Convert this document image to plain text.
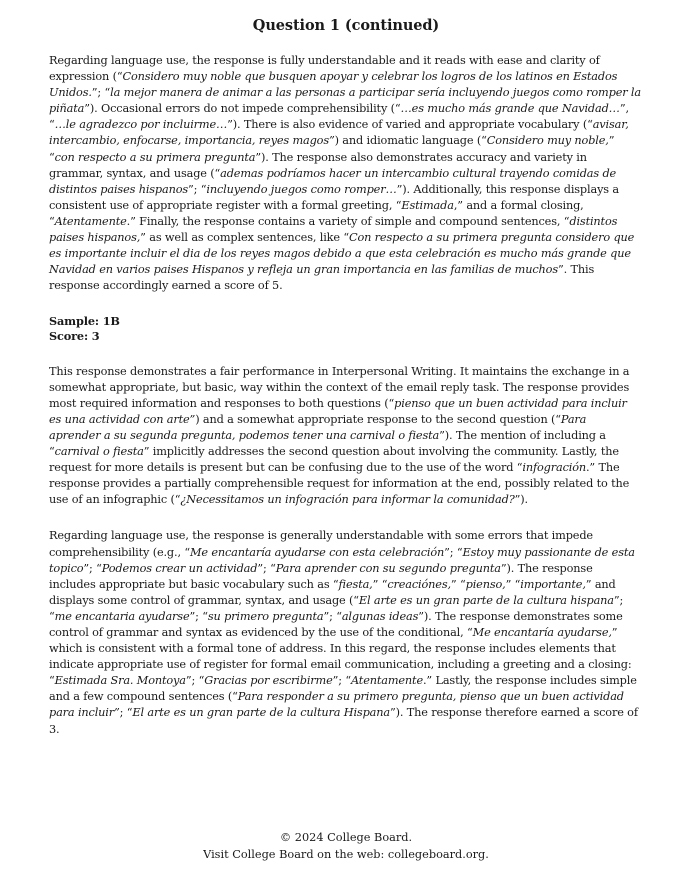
Question 1 (continued)

Regarding language use, the response is fully understandable and it reads with ease and clarity of expression (“Considero muy noble que busquen apoyar y celebrar los logros de los latinos en Estados Unidos.”; “la mejor manera de animar a las personas a participar sería incluyendo juegos como romper la piñata”). Occasional errors do not impede comprehensibility (“…es mucho más grande que Navidad…”, “…le agradezco por incluirme…”). There is also evidence of varied and appropriate vocabulary (“avisar, intercambio, enfocarse, importancia, reyes magos”) and idiomatic language (“Considero muy noble,” “con respecto a su primera pregunta”). The response also demonstrates accuracy and variety in grammar, syntax, and usage (“ademas podríamos hacer un intercambio cultural trayendo comidas de distintos paises hispanos”; “incluyendo juegos como romper…”). Additionally, this response displays a consistent use of appropriate register with a formal greeting, “Estimada,” and a formal closing, “Atentamente.” Finally, the response contains a variety of simple and compound sentences, “distintos paises hispanos,” as well as complex sentences, like “Con respecto a su primera pregunta considero que es importante incluir el dia de los reyes magos debido a que esta celebración es mucho más grande que Navidad en varios paises Hispanos y refleja un gran importancia en las familias de muchos”. This response accordingly earned a score of 5.

Sample: 1B
Score: 3

This response demonstrates a fair performance in Interpersonal Writing. It maintains the exchange in a somewhat appropriate, but basic, way within the context of the email reply task. The response provides most required information and responses to both questions (“pienso que un buen actividad para incluir es una actividad con arte”) and a somewhat appropriate response to the second question (“Para aprender a su segunda pregunta, podemos tener una carnival o fiesta”). The mention of including a “carnival o fiesta” implicitly addresses the second question about involving the community. Lastly, the request for more details is present but can be confusing due to the use of the word “infogración.” The response provides a partially comprehensible request for information at the end, possibly related to the use of an infographic (“¿Necessitamos un infogración para informar la comunidad?”).

Regarding language use, the response is generally understandable with some errors that impede comprehensibility (e.g., “Me encantaría ayudarse con esta celebración”; “Estoy muy passionante de esta topico”; “Podemos crear un actividad”; “Para aprender con su segundo pregunta”). The response includes appropriate but basic vocabulary such as “fiesta,” “creaciónes,” “pienso,” “importante,” and displays some control of grammar, syntax, and usage (“El arte es un gran parte de la cultura hispana”; “me encantaria ayudarse”; “su primero pregunta”; “algunas ideas”). The response demonstrates some control of grammar and syntax as evidenced by the use of the conditional, “Me encantaría ayudarse,” which is consistent with a formal tone of address. In this regard, the response includes elements that indicate appropriate use of register for formal email communication, including a greeting and a closing: “Estimada Sra. Montoya”; “Gracias por escribirme”; “Atentamente.” Lastly, the response includes simple and a few compound sentences (“Para responder a su primero pregunta, pienso que un buen actividad para incluir”; “El arte es un gran parte de la cultura Hispana”). The response therefore earned a score of 3.

© 2024 College Board.
Visit College Board on the web: collegeboard.org.
